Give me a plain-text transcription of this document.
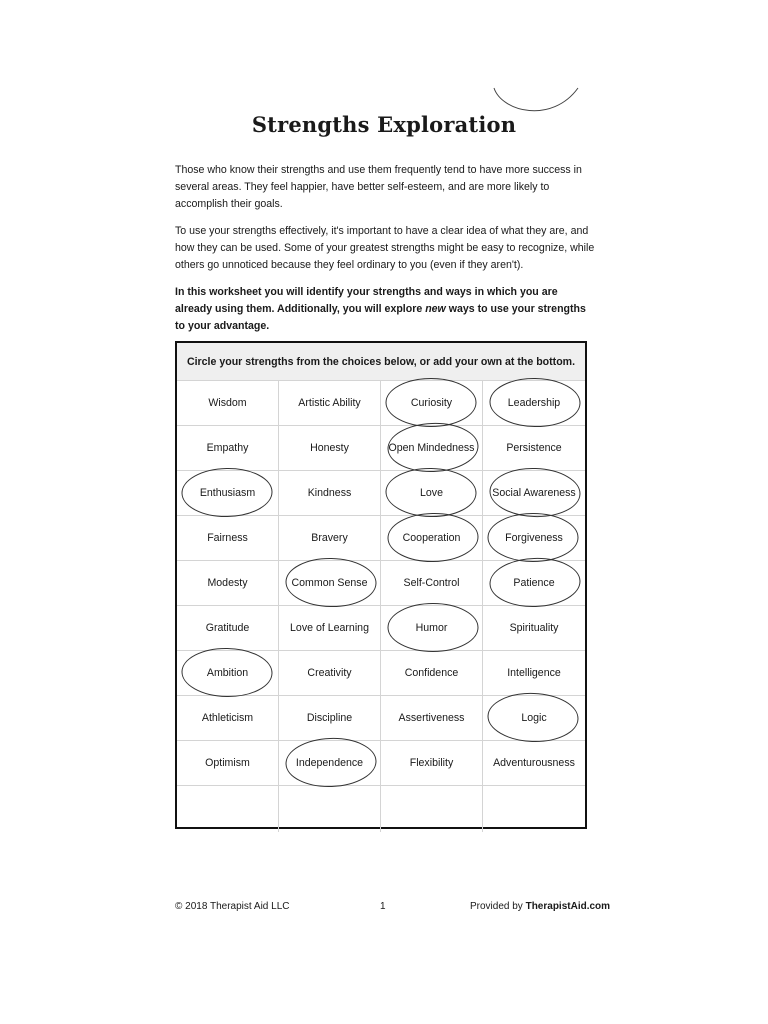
Strengths Exploration

Those who know their strengths and use them frequently tend to have more success in several areas. They feel happier, have better self-esteem, and are more likely to accomplish their goals.

To use your strengths effectively, it's important to have a clear idea of what they are, and how they can be used. Some of your greatest strengths might be easy to recognize, while others go unnoticed because they feel ordinary to you (even if they aren't).

In this worksheet you will identify your strengths and ways in which you are already using them. Additionally, you will explore new ways to use your strengths to your advantage.

Circle your strengths from the choices below, or add your own at the bottom.
Wisdom	Artistic Ability	Curiosity	Leadership
Empathy	Honesty	Open Mindedness	Persistence
Enthusiasm	Kindness	Love	Social Awareness
Fairness	Bravery	Cooperation	Forgiveness
Modesty	Common Sense	Self-Control	Patience
Gratitude	Love of Learning	Humor	Spirituality
Ambition	Creativity	Confidence	Intelligence
Athleticism	Discipline	Assertiveness	Logic
Optimism	Independence	Flexibility	Adventurousness
© 2018 Therapist Aid LLC	1	Provided by TherapistAid.com
